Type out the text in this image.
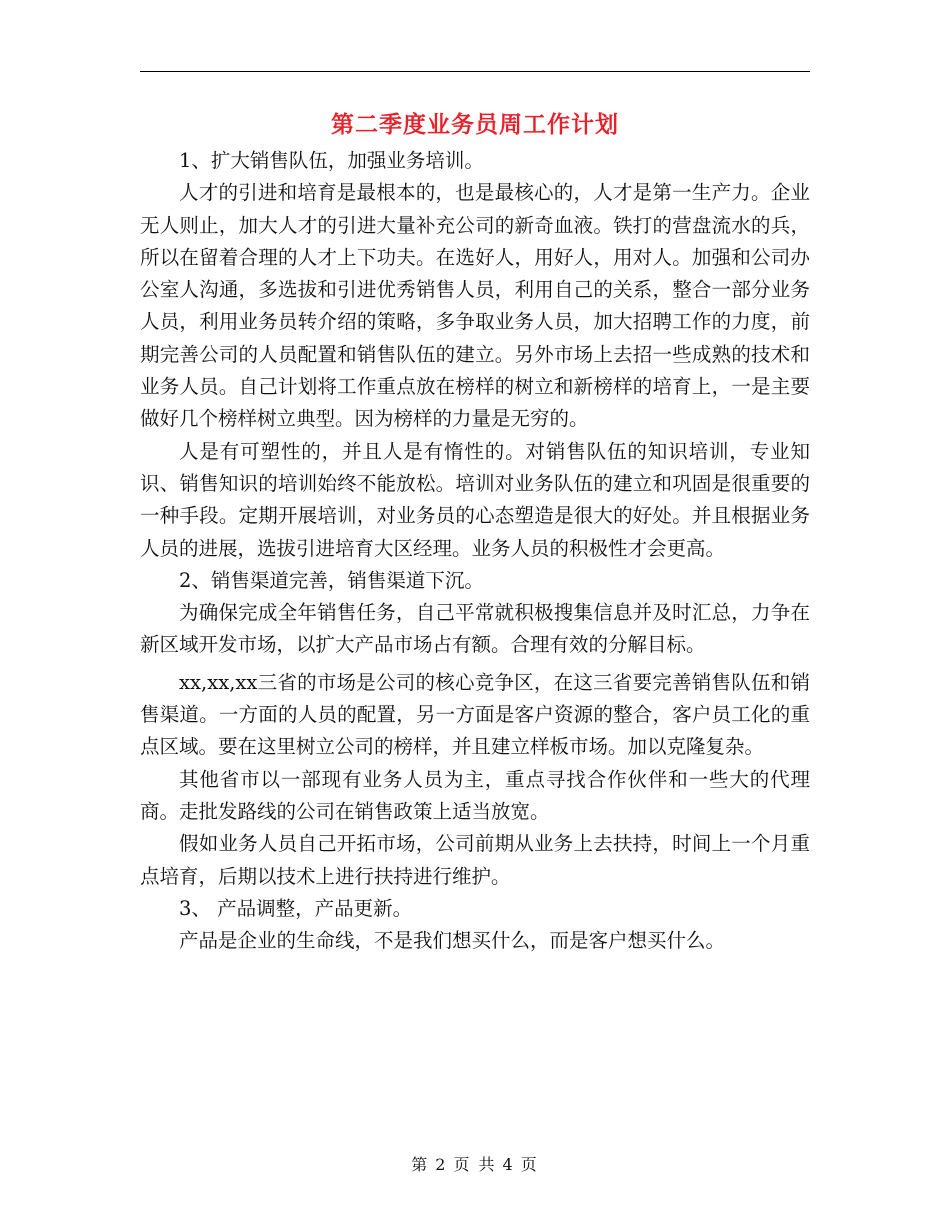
第二季度业务员周工作计划

1、扩大销售队伍，加强业务培训。

人才的引进和培育是最根本的，也是最核心的，人才是第一生产力。企业无人则止，加大人才的引进大量补充公司的新奇血液。铁打的营盘流水的兵，所以在留着合理的人才上下功夫。在选好人，用好人，用对人。加强和公司办公室人沟通，多选拔和引进优秀销售人员，利用自己的关系，整合一部分业务人员，利用业务员转介绍的策略，多争取业务人员，加大招聘工作的力度，前期完善公司的人员配置和销售队伍的建立。另外市场上去招一些成熟的技术和业务人员。自己计划将工作重点放在榜样的树立和新榜样的培育上，一是主要做好几个榜样树立典型。因为榜样的力量是无穷的。

人是有可塑性的，并且人是有惰性的。对销售队伍的知识培训，专业知识、销售知识的培训始终不能放松。培训对业务队伍的建立和巩固是很重要的一种手段。定期开展培训，对业务员的心态塑造是很大的好处。并且根据业务人员的进展，选拔引进培育大区经理。业务人员的积极性才会更高。

2、销售渠道完善，销售渠道下沉。

为确保完成全年销售任务，自己平常就积极搜集信息并及时汇总，力争在新区域开发市场，以扩大产品市场占有额。合理有效的分解目标。

xx,xx,xx三省的市场是公司的核心竞争区，在这三省要完善销售队伍和销售渠道。一方面的人员的配置，另一方面是客户资源的整合，客户员工化的重点区域。要在这里树立公司的榜样，并且建立样板市场。加以克隆复杂。

其他省市以一部现有业务人员为主，重点寻找合作伙伴和一些大的代理商。走批发路线的公司在销售政策上适当放宽。

假如业务人员自己开拓市场，公司前期从业务上去扶持，时间上一个月重点培育，后期以技术上进行扶持进行维护。

3、 产品调整，产品更新。

产品是企业的生命线，不是我们想买什么，而是客户想买什么。

第 2 页 共 4 页
